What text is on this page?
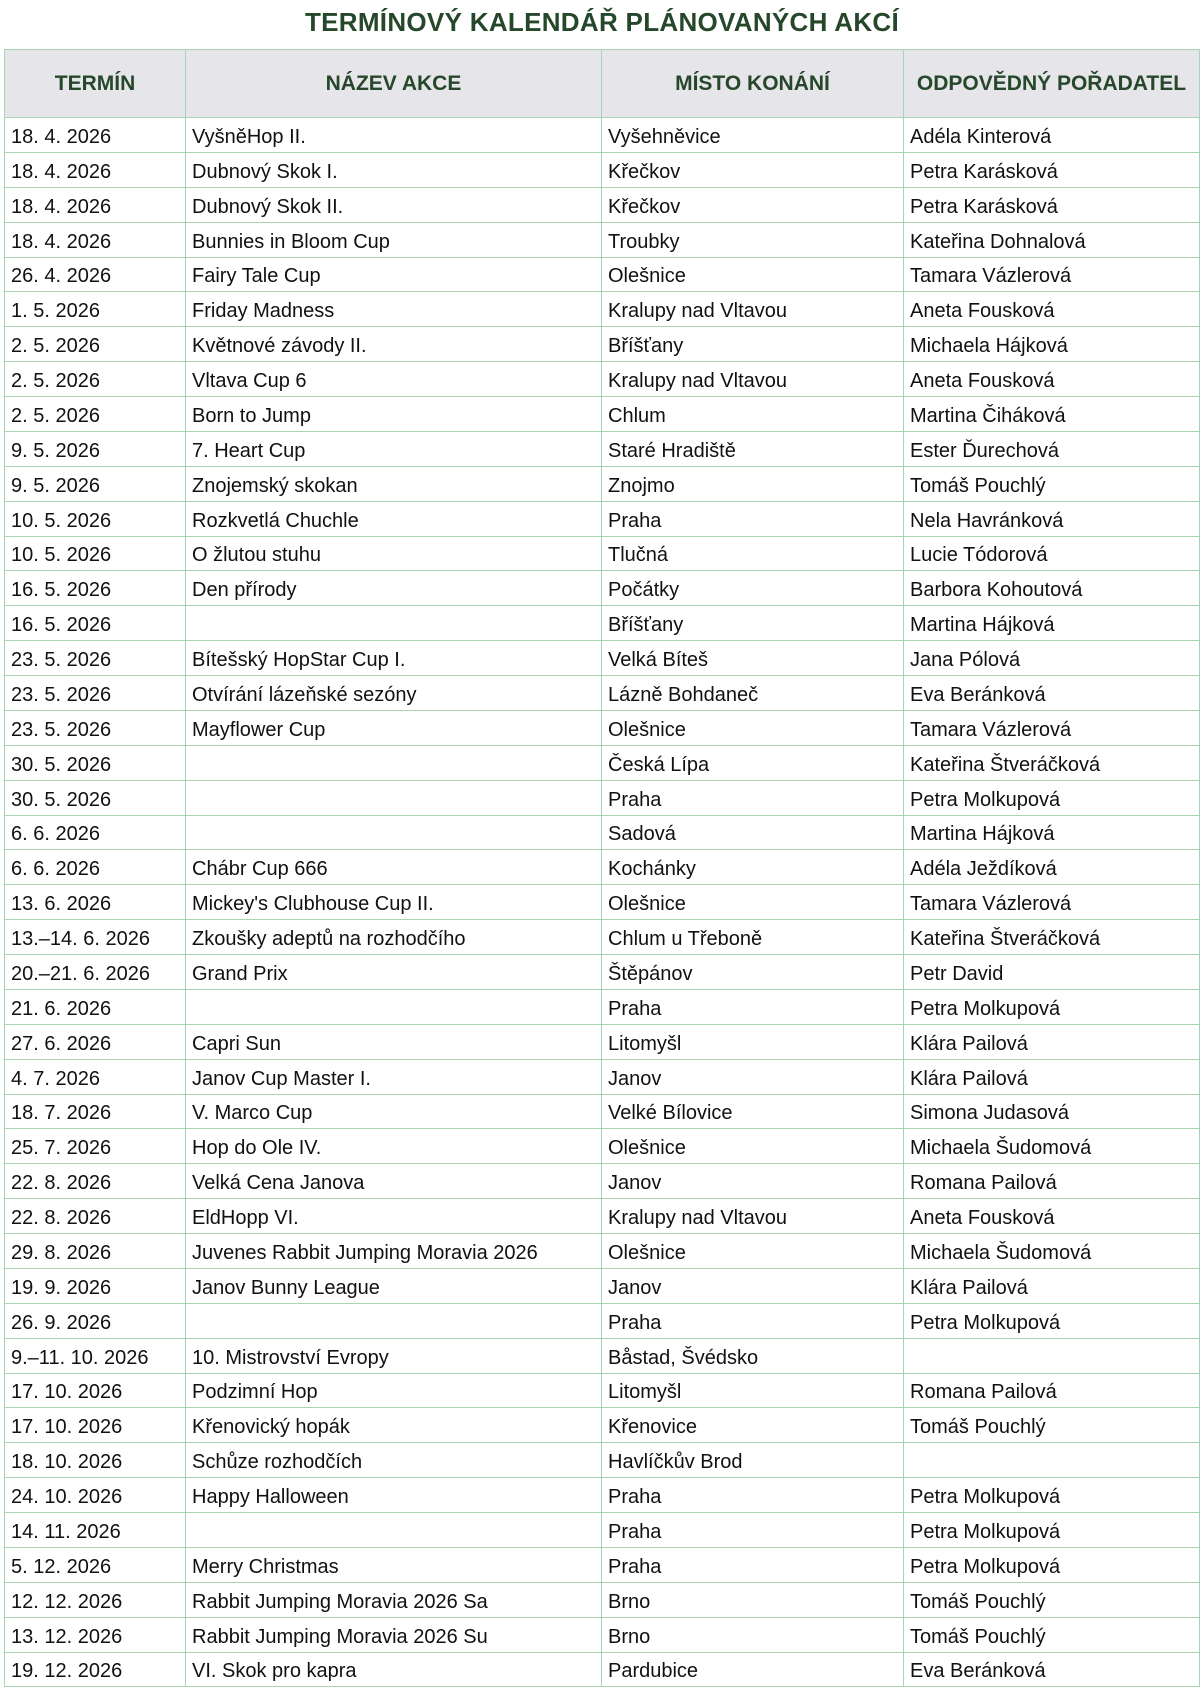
TERMÍNOVÝ KALENDÁŘ PLÁNOVANÝCH AKCÍ
TERMÍN	NÁZEV AKCE	MÍSTO KONÁNÍ	ODPOVĚDNÝ POŘADATEL
18. 4. 2026	VyšněHop II.	Vyšehněvice	Adéla Kinterová
18. 4. 2026	Dubnový Skok I.	Křečkov	Petra Karásková
18. 4. 2026	Dubnový Skok II.	Křečkov	Petra Karásková
18. 4. 2026	Bunnies in Bloom Cup	Troubky	Kateřina Dohnalová
26. 4. 2026	Fairy Tale Cup	Olešnice	Tamara Vázlerová
1. 5. 2026	Friday Madness	Kralupy nad Vltavou	Aneta Fousková
2. 5. 2026	Květnové závody II.	Bříšťany	Michaela Hájková
2. 5. 2026	Vltava Cup 6	Kralupy nad Vltavou	Aneta Fousková
2. 5. 2026	Born to Jump	Chlum	Martina Čiháková
9. 5. 2026	7. Heart Cup	Staré Hradiště	Ester Ďurechová
9. 5. 2026	Znojemský skokan	Znojmo	Tomáš Pouchlý
10. 5. 2026	Rozkvetlá Chuchle	Praha	Nela Havránková
10. 5. 2026	O žlutou stuhu	Tlučná	Lucie Tódorová
16. 5. 2026	Den přírody	Počátky	Barbora Kohoutová
16. 5. 2026		Bříšťany	Martina Hájková
23. 5. 2026	Bítešský HopStar Cup I.	Velká Bíteš	Jana Pólová
23. 5. 2026	Otvírání lázeňské sezóny	Lázně Bohdaneč	Eva Beránková
23. 5. 2026	Mayflower Cup	Olešnice	Tamara Vázlerová
30. 5. 2026		Česká Lípa	Kateřina Štveráčková
30. 5. 2026		Praha	Petra Molkupová
6. 6. 2026		Sadová	Martina Hájková
6. 6. 2026	Chábr Cup 666	Kochánky	Adéla Ježdíková
13. 6. 2026	Mickey's Clubhouse Cup II.	Olešnice	Tamara Vázlerová
13.–14. 6. 2026	Zkoušky adeptů na rozhodčího	Chlum u Třeboně	Kateřina Štveráčková
20.–21. 6. 2026	Grand Prix	Štěpánov	Petr David
21. 6. 2026		Praha	Petra Molkupová
27. 6. 2026	Capri Sun	Litomyšl	Klára Pailová
4. 7. 2026	Janov Cup Master I.	Janov	Klára Pailová
18. 7. 2026	V. Marco Cup	Velké Bílovice	Simona Judasová
25. 7. 2026	Hop do Ole IV.	Olešnice	Michaela Šudomová
22. 8. 2026	Velká Cena Janova	Janov	Romana Pailová
22. 8. 2026	EldHopp VI.	Kralupy nad Vltavou	Aneta Fousková
29. 8. 2026	Juvenes Rabbit Jumping Moravia 2026	Olešnice	Michaela Šudomová
19. 9. 2026	Janov Bunny League	Janov	Klára Pailová
26. 9. 2026		Praha	Petra Molkupová
9.–11. 10. 2026	10. Mistrovství Evropy	Båstad, Švédsko	
17. 10. 2026	Podzimní Hop	Litomyšl	Romana Pailová
17. 10. 2026	Křenovický hopák	Křenovice	Tomáš Pouchlý
18. 10. 2026	Schůze rozhodčích	Havlíčkův Brod	
24. 10. 2026	Happy Halloween	Praha	Petra Molkupová
14. 11. 2026		Praha	Petra Molkupová
5. 12. 2026	Merry Christmas	Praha	Petra Molkupová
12. 12. 2026	Rabbit Jumping Moravia 2026 Sa	Brno	Tomáš Pouchlý
13. 12. 2026	Rabbit Jumping Moravia 2026 Su	Brno	Tomáš Pouchlý
19. 12. 2026	VI. Skok pro kapra	Pardubice	Eva Beránková
